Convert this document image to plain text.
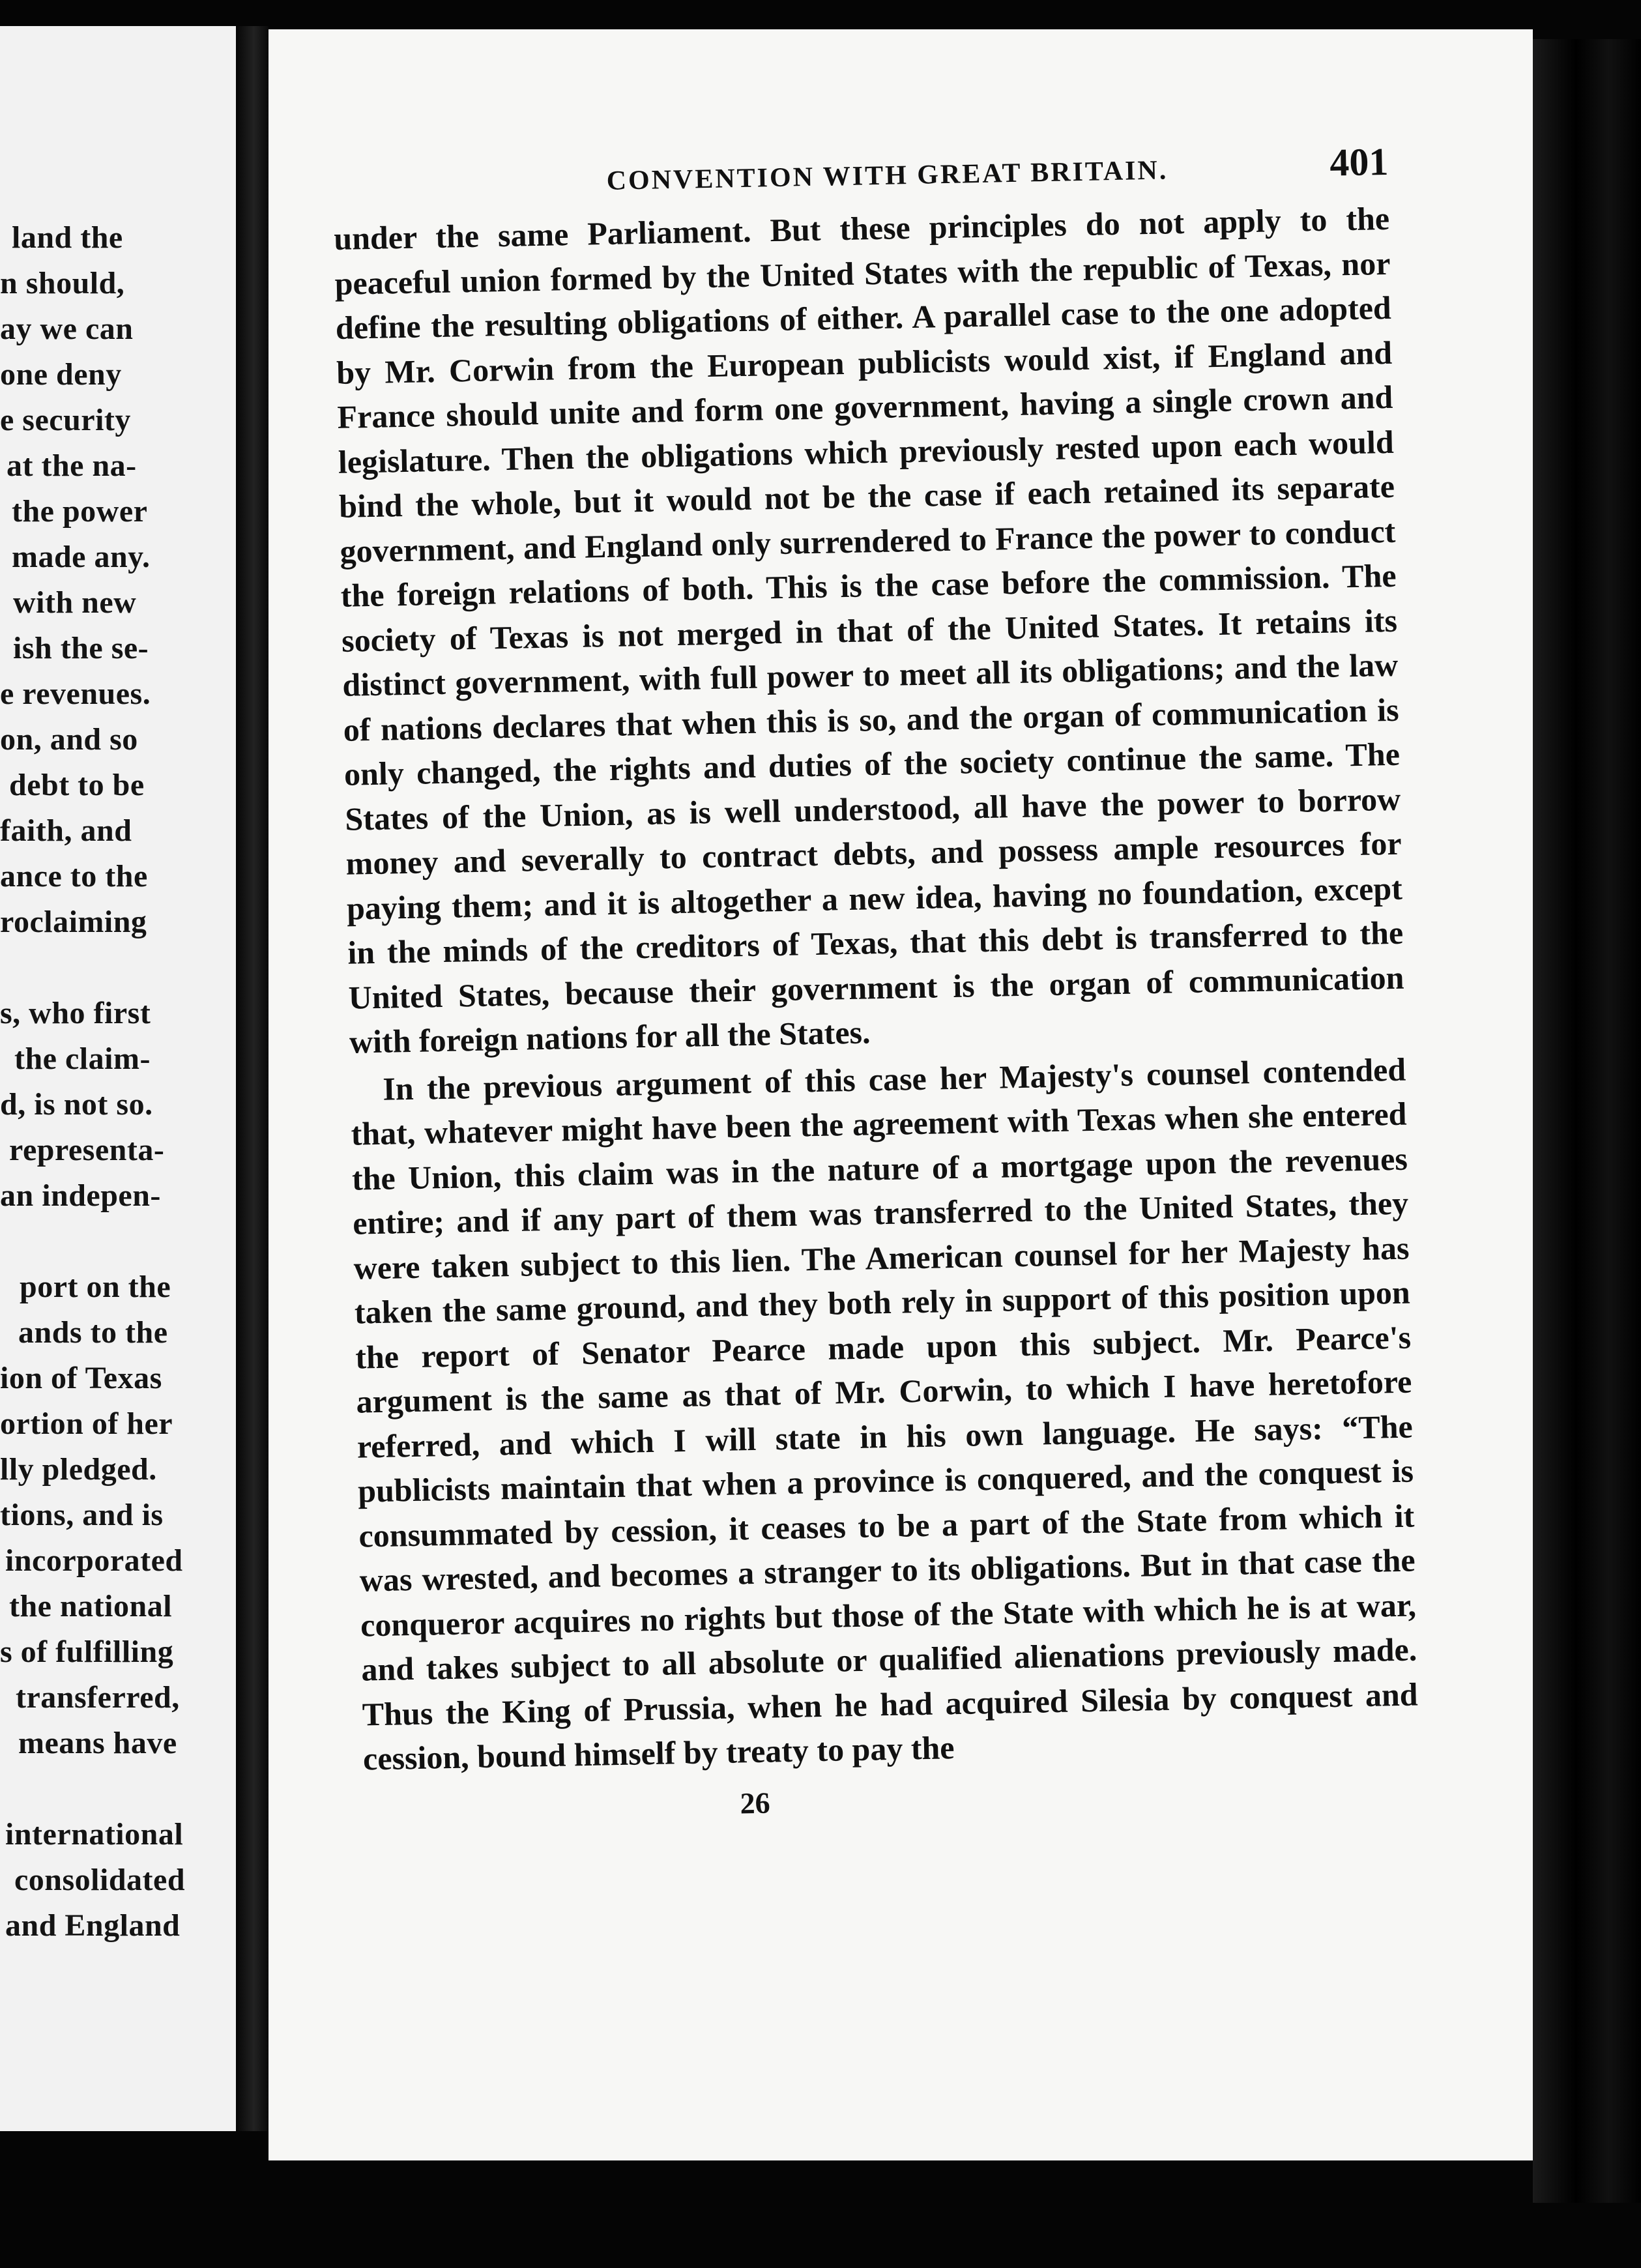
land the
n should,
ay we can
one deny
e security
at the na-
the power
made any.
with new
ish the se-
e revenues.
on, and so
debt to be
faith, and
ance to the
roclaiming

s, who first
the claim-
d, is not so.
representa-
an indepen-

port on the
ands to the
ion of Texas
ortion of her
lly pledged.
tions, and is
incorporated
the national
s of fulfilling
transferred,
means have

international
consolidated
and England
CONVENTION WITH GREAT BRITAIN.	401

under the same Parliament. But these principles do not apply to the peaceful union formed by the United States with the republic of Texas, nor define the resulting obligations of either. A parallel case to the one adopted by Mr. Corwin from the European publicists would xist, if England and France should unite and form one government, having a single crown and legislature. Then the obligations which previously rested upon each would bind the whole, but it would not be the case if each retained its separate government, and England only surrendered to France the power to conduct the foreign relations of both. This is the case before the commission. The society of Texas is not merged in that of the United States. It retains its distinct government, with full power to meet all its obligations; and the law of nations declares that when this is so, and the organ of communication is only changed, the rights and duties of the society continue the same. The States of the Union, as is well understood, all have the power to borrow money and severally to contract debts, and possess ample resources for paying them; and it is altogether a new idea, having no foundation, except in the minds of the creditors of Texas, that this debt is transferred to the United States, because their government is the organ of communication with foreign nations for all the States.

In the previous argument of this case her Majesty's counsel contended that, whatever might have been the agreement with Texas when she entered the Union, this claim was in the nature of a mortgage upon the revenues entire; and if any part of them was transferred to the United States, they were taken subject to this lien. The American counsel for her Majesty has taken the same ground, and they both rely in support of this position upon the report of Senator Pearce made upon this subject. Mr. Pearce's argument is the same as that of Mr. Corwin, to which I have heretofore referred, and which I will state in his own language. He says: “The publicists maintain that when a province is conquered, and the conquest is consummated by cession, it ceases to be a part of the State from which it was wrested, and becomes a stranger to its obligations. But in that case the conqueror acquires no rights but those of the State with which he is at war, and takes subject to all absolute or qualified alienations previously made. Thus the King of Prussia, when he had acquired Silesia by conquest and cession, bound himself by treaty to pay the

26
